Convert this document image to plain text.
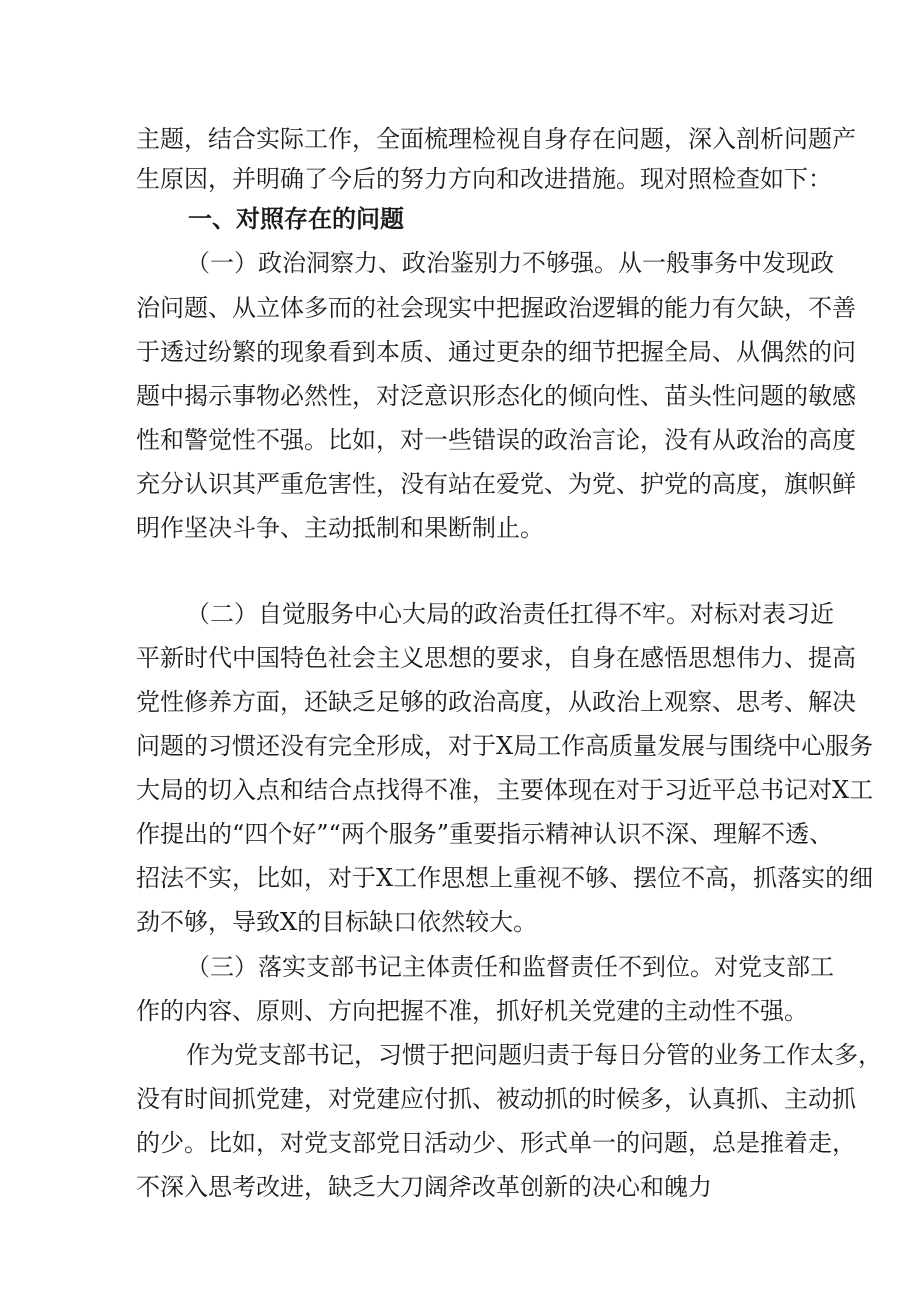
主题，结合实际工作，全面梳理检视自身存在问题，深入剖析问题产
生原因，并明确了今后的努力方向和改进措施。现对照检查如下：
一、对照存在的问题
（一）政治洞察力、政治鉴别力不够强。从一般事务中发现政
治问题、从立体多而的社会现实中把握政治逻辑的能力有欠缺，不善
于透过纷繁的现象看到本质、通过更杂的细节把握全局、从偶然的问
题中揭示事物必然性，对泛意识形态化的倾向性、苗头性问题的敏感
性和警觉性不强。比如，对一些错误的政治言论，没有从政治的高度
充分认识其严重危害性，没有站在爱党、为党、护党的高度，旗帜鲜
明作坚决斗争、主动抵制和果断制止。
（二）自觉服务中心大局的政治责任扛得不牢。对标对表习近
平新时代中国特色社会主义思想的要求，自身在感悟思想伟力、提高
党性修养方面，还缺乏足够的政治高度，从政治上观察、思考、解决
问题的习惯还没有完全形成，对于X局工作高质量发展与围绕中心服务
大局的切入点和结合点找得不准，主要体现在对于习近平总书记对X工
作提出的“四个好”“两个服务”重要指示精神认识不深、理解不透、
招法不实，比如，对于X工作思想上重视不够、摆位不高，抓落实的细
劲不够，导致X的目标缺口依然较大。
（三）落实支部书记主体责任和监督责任不到位。对党支部工
作的内容、原则、方向把握不准，抓好机关党建的主动性不强。
作为党支部书记，习惯于把问题归责于每日分管的业务工作太多，
没有时间抓党建，对党建应付抓、被动抓的时候多，认真抓、主动抓
的少。比如，对党支部党日活动少、形式单一的问题，总是推着走，
不深入思考改进，缺乏大刀阔斧改革创新的决心和魄力
